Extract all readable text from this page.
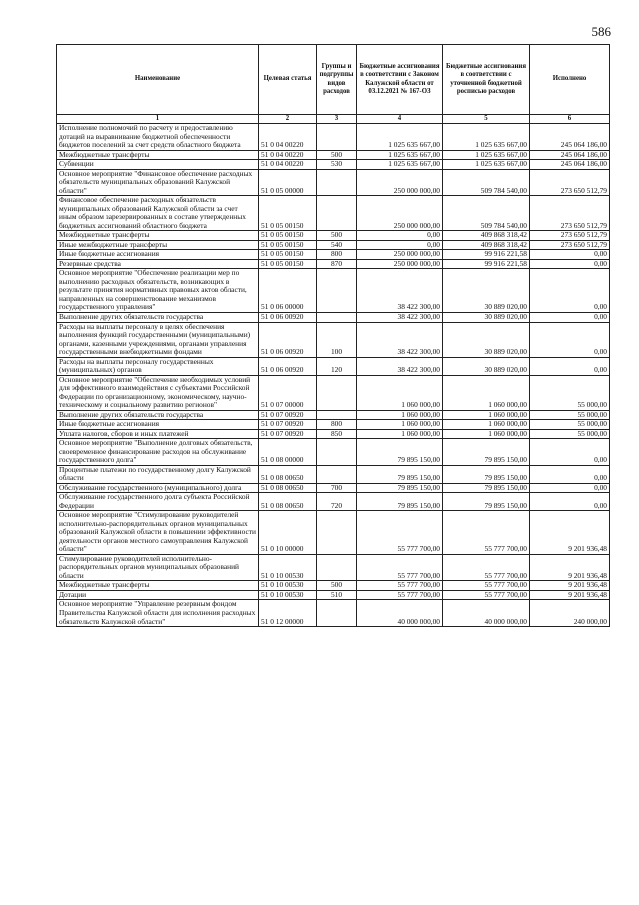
586
Наименование	Целевая статья	Группы и подгруппы видов расходов	Бюджетные ассигнования в соответствии с Законом Калужской области от 03.12.2021 № 167-ОЗ	Бюджетные ассигнования в соответствии с уточненной бюджетной росписью расходов	Исполнено
1	2	3	4	5	6
Исполнение полномочий по расчету и предоставлению дотаций на выравнивание бюджетной обеспеченности бюджетов поселений за счет средств областного бюджета	51 0 04 00220		1 025 635 667,00	1 025 635 667,00	245 064 186,00
Межбюджетные трансферты	51 0 04 00220	500	1 025 635 667,00	1 025 635 667,00	245 064 186,00
Субвенции	51 0 04 00220	530	1 025 635 667,00	1 025 635 667,00	245 064 186,00
Основное мероприятие "Финансовое обеспечение расходных обязательств муниципальных образований Калужской области"	51 0 05 00000		250 000 000,00	509 784 540,00	273 650 512,79
Финансовое обеспечение расходных обязательств муниципальных образований Калужской области за счет иным образом зарезервированных в составе утвержденных бюджетных ассигнований областного бюджета	51 0 05 00150		250 000 000,00	509 784 540,00	273 650 512,79
Межбюджетные трансферты	51 0 05 00150	500	0,00	409 868 318,42	273 650 512,79
Иные межбюджетные трансферты	51 0 05 00150	540	0,00	409 868 318,42	273 650 512,79
Иные бюджетные ассигнования	51 0 05 00150	800	250 000 000,00	99 916 221,58	0,00
Резервные средства	51 0 05 00150	870	250 000 000,00	99 916 221,58	0,00
Основное мероприятие "Обеспечение реализации мер по выполнению расходных обязательств, возникающих в результате принятия нормативных правовых актов области, направленных на совершенствование механизмов государственного управления"	51 0 06 00000		38 422 300,00	30 889 020,00	0,00
Выполнение других обязательств государства	51 0 06 00920		38 422 300,00	30 889 020,00	0,00
Расходы на выплаты персоналу в целях обеспечения выполнения функций государственными (муниципальными) органами, казенными учреждениями, органами управления государственными внебюджетными фондами	51 0 06 00920	100	38 422 300,00	30 889 020,00	0,00
Расходы на выплаты персоналу государственных (муниципальных) органов	51 0 06 00920	120	38 422 300,00	30 889 020,00	0,00
Основное мероприятие "Обеспечение необходимых условий для эффективного взаимодействия с субъектами Российской Федерации по организационному, экономическому, научно-техническому и социальному развитию регионов"	51 0 07 00000		1 060 000,00	1 060 000,00	55 000,00
Выполнение других обязательств государства	51 0 07 00920		1 060 000,00	1 060 000,00	55 000,00
Иные бюджетные ассигнования	51 0 07 00920	800	1 060 000,00	1 060 000,00	55 000,00
Уплата налогов, сборов и иных платежей	51 0 07 00920	850	1 060 000,00	1 060 000,00	55 000,00
Основное мероприятие "Выполнение долговых обязательств, своевременное финансирование расходов на обслуживание государственного долга"	51 0 08 00000		79 895 150,00	79 895 150,00	0,00
Процентные платежи по государственному долгу Калужской области	51 0 08 00650		79 895 150,00	79 895 150,00	0,00
Обслуживание государственного (муниципального) долга	51 0 08 00650	700	79 895 150,00	79 895 150,00	0,00
Обслуживание государственного долга субъекта Российской Федерации	51 0 08 00650	720	79 895 150,00	79 895 150,00	0,00
Основное мероприятие "Стимулирование руководителей исполнительно-распорядительных органов муниципальных образований Калужской области в повышении эффективности деятельности органов местного самоуправления Калужской области"	51 0 10 00000		55 777 700,00	55 777 700,00	9 201 936,48
Стимулирование руководителей исполнительно-распорядительных органов муниципальных образований области	51 0 10 00530		55 777 700,00	55 777 700,00	9 201 936,48
Межбюджетные трансферты	51 0 10 00530	500	55 777 700,00	55 777 700,00	9 201 936,48
Дотации	51 0 10 00530	510	55 777 700,00	55 777 700,00	9 201 936,48
Основное мероприятие "Управление резервным фондом Правительства Калужской области для исполнения расходных обязательств Калужской области"	51 0 12 00000		40 000 000,00	40 000 000,00	240 000,00
